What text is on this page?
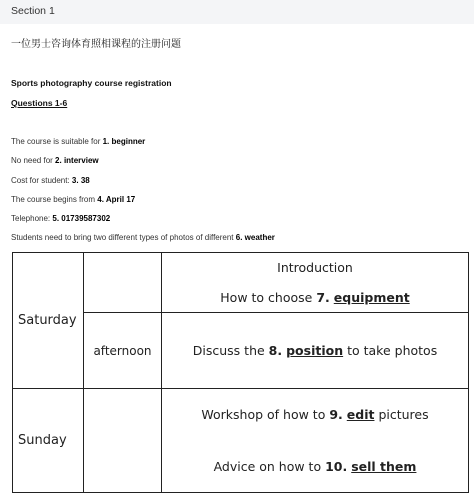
Section 1
一位男士咨询体育照相课程的注册问题
Sports photography course registration
Questions 1-6
The course is suitable for 1. beginner
No need for 2. interview
Cost for student: 3. 38
The course begins from 4. April 17
Telephone: 5. 01739587302
Students need to bring two different types of photos of different 6. weather
Saturday		Introduction
How to choose 7. equipment

	afternoon	Discuss the 8. position to take photos

Sunday		Workshop of how to 9. edit pictures
Advice on how to 10. sell them
